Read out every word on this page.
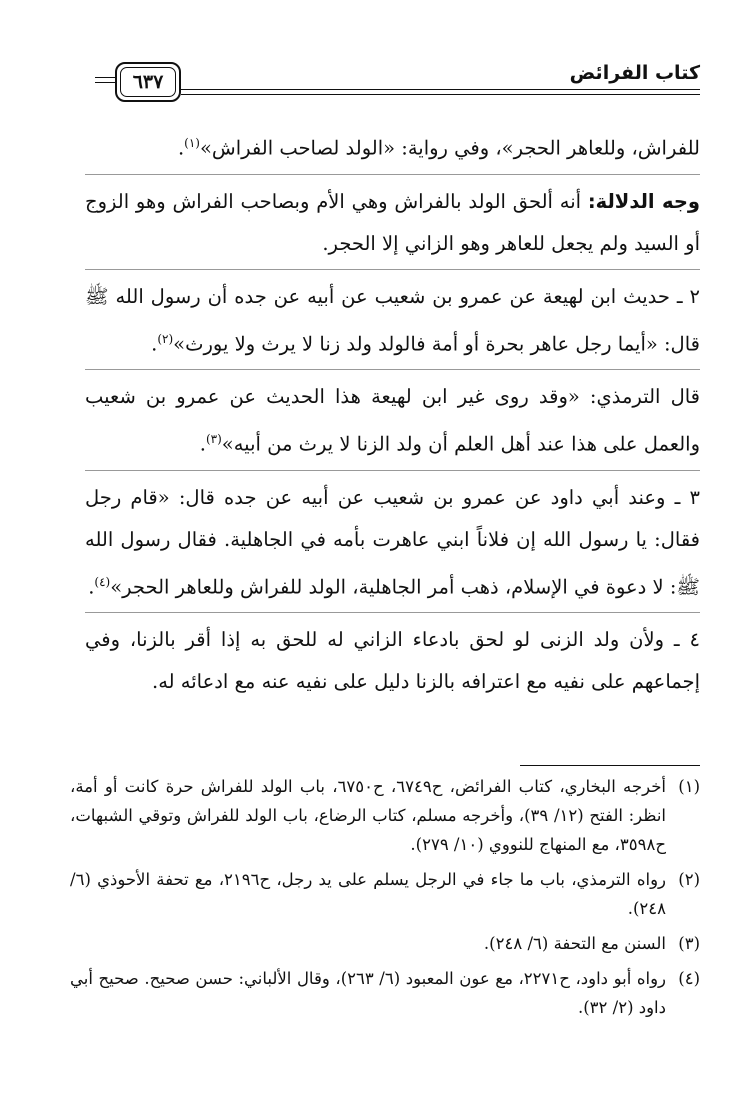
٦٣٧	كتاب الفرائض

للفراش، وللعاهر الحجر»، وفي رواية: «الولد لصاحب الفراش»$^{(١)}$.

وجه الدلالة: أنه ألحق الولد بالفراش وهي الأم وبصاحب الفراش وهو الزوج أو السيد ولم يجعل للعاهر وهو الزاني إلا الحجر.

٢ ـ حديث ابن لهيعة عن عمرو بن شعيب عن أبيه عن جده أن رسول الله ﷺ قال: «أيما رجل عاهر بحرة أو أمة فالولد ولد زنا لا يرث ولا يورث»$^{(٢)}$.

قال الترمذي: «وقد روى غير ابن لهيعة هذا الحديث عن عمرو بن شعيب والعمل على هذا عند أهل العلم أن ولد الزنا لا يرث من أبيه»$^{(٣)}$.

٣ ـ وعند أبي داود عن عمرو بن شعيب عن أبيه عن جده قال: «قام رجل فقال: يا رسول الله إن فلاناً ابني عاهرت بأمه في الجاهلية. فقال رسول الله ﷺ: لا دعوة في الإسلام، ذهب أمر الجاهلية، الولد للفراش وللعاهر الحجر»$^{(٤)}$.

٤ ـ ولأن ولد الزنى لو لحق بادعاء الزاني له للحق به إذا أقر بالزنا، وفي إجماعهم على نفيه مع اعترافه بالزنا دليل على نفيه عنه مع ادعائه له.

(١)
أخرجه البخاري، كتاب الفرائض، ح٦٧٤٩، ح٦٧٥٠، باب الولد للفراش حرة كانت أو أمة، انظر: الفتح (١٢/ ٣٩)، وأخرجه مسلم، كتاب الرضاع، باب الولد للفراش وتوقي الشبهات، ح٣٥٩٨، مع المنهاج للنووي (١٠/ ٢٧٩).
(٢)
رواه الترمذي، باب ما جاء في الرجل يسلم على يد رجل، ح٢١٩٦، مع تحفة الأحوذي (٦/ ٢٤٨).
(٣)
السنن مع التحفة (٦/ ٢٤٨).
(٤)
رواه أبو داود، ح٢٢٧١، مع عون المعبود (٦/ ٢٦٣)، وقال الألباني: حسن صحيح. صحيح أبي داود (٢/ ٣٢).
